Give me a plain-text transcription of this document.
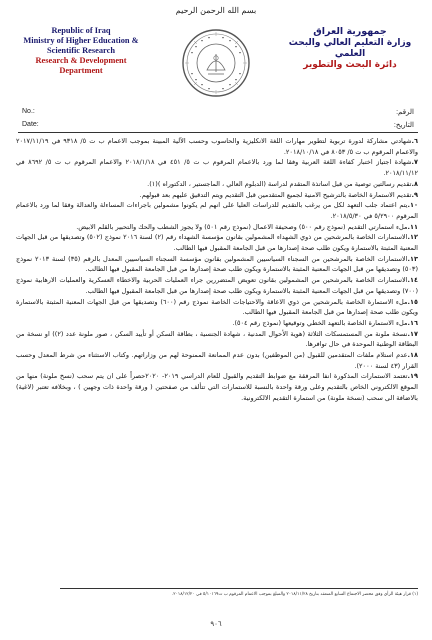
بسم الله الرحمن الرحيم
Republic of Iraq
Ministry of Higher Education &
Scientific Research
Research & Development
Department
جمهورية العراق
وزارة التعليم العالي والبحث العلمي
دائرة البحث والتطوير
No.:
Date:
الرقم:
التاريخ:

٦.شهادتي مشاركة لدورة تربوية لتطوير مهارات اللغة الانكليزية والحاسوب وحسب الآلية المبينة بموجب الاعمام ب ت ٥/ ٩٣١٨ في ٢٠١٧/١١/١٩ والاعمام المرقوم ب ت ٥/ ٨٠٥٣ في ٢٠١٨/١٠/١٨.

٧.شهادة اجتياز اختبار كفاءة اللغة العربية وفقا لما ورد بالاعمام المرقوم ب ت ٥/ ٤٥١ في ٢٠١٨/١/١٨ والاعمام المرقوم ب ت ٥/ ٨٦٩٢ في ٢٠١٨/١١/١٢.

٨.تقديم رسالتين توصية من قبل اساتذة المتقدم لدراسة (الدبلوم العالي ، الماجستير ، الدكتوراه )(١).

٩.تقديم الاستمارة الخاصة بالترشيح الامنية لجميع المتقدمين قبل التقديم ويتم التدقيق عليهم بعد قبولهم.

١٠.يتم اعتماد جلب التعهد لكل من يرغب بالتقديم للدراسات العليا على انهم لم يكونوا مشمولين باجراءات المساءلة والعدالة وفقا لما ورد بالاعمام المرقوم ٥/٢٩٠٠ في ٢٠١٨/٥/٣٠.

١١.ملء استمارتي التقديم (نموذج رقم ٥٠٠) وصحيفة الاعمال (نموذج رقم ٥٠١) ولا يجوز الشطب والحك والتحبير بالقلم الابيض.

١٢.الاستمارات الخاصة بالمرشحين من ذوي الشهداء المشمولين بقانون مؤسسة الشهداء رقم (٢) لسنة ٢٠١٦ نموذج (٥٠٢) وتصديقها من قبل الجهات المعنية المثبتة بالاستمارة ويكون طلب صحة إصدارها من قبل الجامعة المقبول فيها الطالب.

١٣.الاستمارات الخاصة بالمرشحين من السجناء السياسيين المشمولين بقانون مؤسسة السجناء السياسيين المعدل بالرقم (٣٥) لسنة ٢٠١٣ نموذج (٥٠٣) وتصديقها من قبل الجهات المعنية المثبتة بالاستمارة ويكون طلب صحة إصدارها من قبل الجامعة المقبول فيها الطالب.

١٤.الاستمارات الخاصة بالمرشحين من المشمولين بقانون تعويض المتضررين جراء العمليات الحربية والاخطاء العسكرية والعمليات الارهابية نموذج (٧٠٠) وتصديقها من قبل الجهات المعنية المثبتة بالاستمارة ويكون طلب صحة إصدارها من قبل الجامعة المقبول فيها الطالب.

١٥.ملء الاستمارة الخاصة بالمرشحين من ذوي الاعاقة والاحتياجات الخاصة نموذج رقم (٦٠٠) وتصديقها من قبل الجهات المعنية المثبتة بالاستمارة ويكون طلب صحة إصدارها من قبل الجامعة المقبول فيها الطالب.

١٦.ملء الاستمارة الخاصة بالتعهد الخطي وتوقيعها (نموذج رقم ٥٠٤).

١٧.نسخة ملونة من المستمسكات الثلاثة (هوية الأحوال المدنية ، شهادة الجنسية ، بطاقة السكن أو تأييد السكن ، صور ملونة عدد (٢)) او نسخة من البطاقة الوطنية الموحدة في حال توافرها.

١٨.عدم استلام ملفات المتقدمين للقبول (من الموظفين) بدون عدم الممانعة الممنوحة لهم من وزاراتهم. وكتاب الاستثناء من شرط المعدل وحسب القرار (٤٣ لسنة ٢٠٠٠).

١٩.تعتمد الاستمارات المذكورة انفا المرفقة مع ضوابط التقديم والقبول للعام الدراسي ٢٠١٩- ٢٠٢٠حصراً على ان يتم سحب (نسخ ملونة) منها من الموقع الالكتروني الخاص بالتقديم وعلى ورقة واحدة بالنسبة للاستمارات التي تتألف من صفحتين ( ورقة واحدة ذات وجهين ) ، وبخلافه تعتبر (لاغية) بالاضافة الى سحب (نسخة ملونة) من استمارة التقديم الالكترونية.

(١) قرار هيئة الرأي وفق محضر الاجتماع السابع المنعقد بتاريخ ٢٠١٨/١١/٢٨ والمبلغ بموجب الاعمام المرقوم ب ت٥/١٠١٦٩ في ٢٠١٨/١٢/٢٠.
٩٠٦
